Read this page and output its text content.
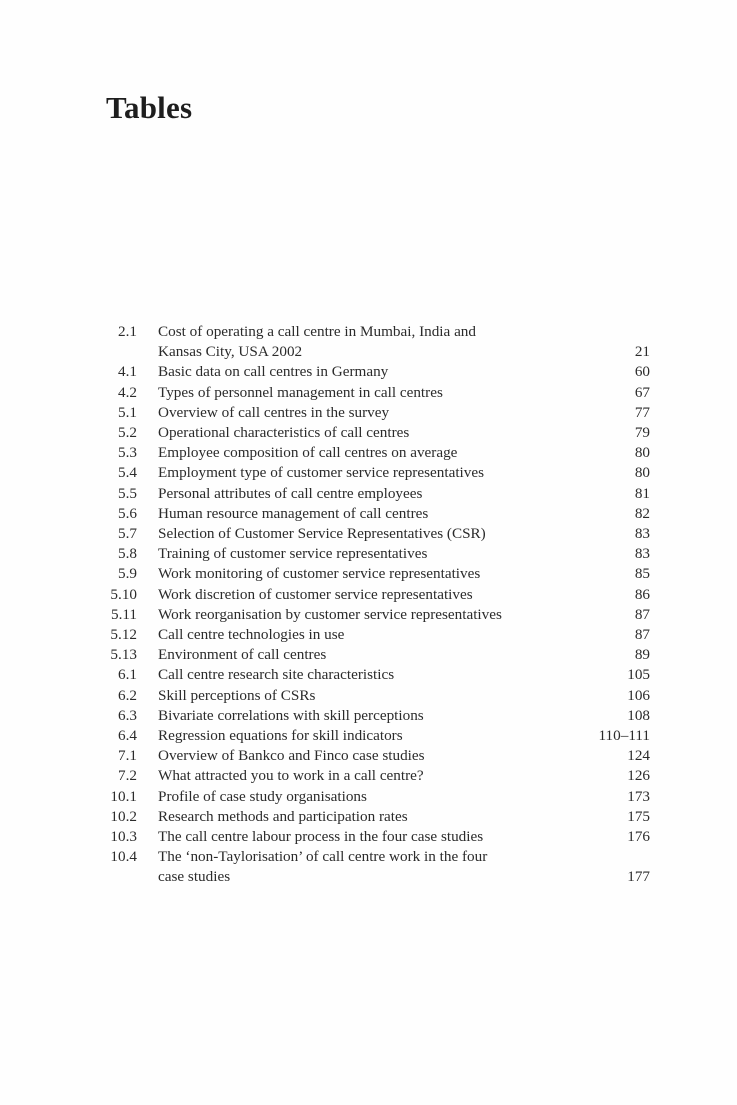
Tables
2.1 Cost of operating a call centre in Mumbai, India and
Kansas City, USA 2002	21
4.1 Basic data on call centres in Germany	60
4.2 Types of personnel management in call centres	67
5.1 Overview of call centres in the survey	77
5.2 Operational characteristics of call centres	79
5.3 Employee composition of call centres on average	80
5.4 Employment type of customer service representatives	80
5.5 Personal attributes of call centre employees	81
5.6 Human resource management of call centres	82
5.7 Selection of Customer Service Representatives (CSR)	83
5.8 Training of customer service representatives	83
5.9 Work monitoring of customer service representatives	85
5.10 Work discretion of customer service representatives	86
5.11 Work reorganisation by customer service representatives	87
5.12 Call centre technologies in use	87
5.13 Environment of call centres	89
6.1 Call centre research site characteristics	105
6.2 Skill perceptions of CSRs	106
6.3 Bivariate correlations with skill perceptions	108
6.4 Regression equations for skill indicators	110–111
7.1 Overview of Bankco and Finco case studies	124
7.2 What attracted you to work in a call centre?	126
10.1 Profile of case study organisations	173
10.2 Research methods and participation rates	175
10.3 The call centre labour process in the four case studies	176
10.4 The ‘non-Taylorisation’ of call centre work in the four
case studies	177
